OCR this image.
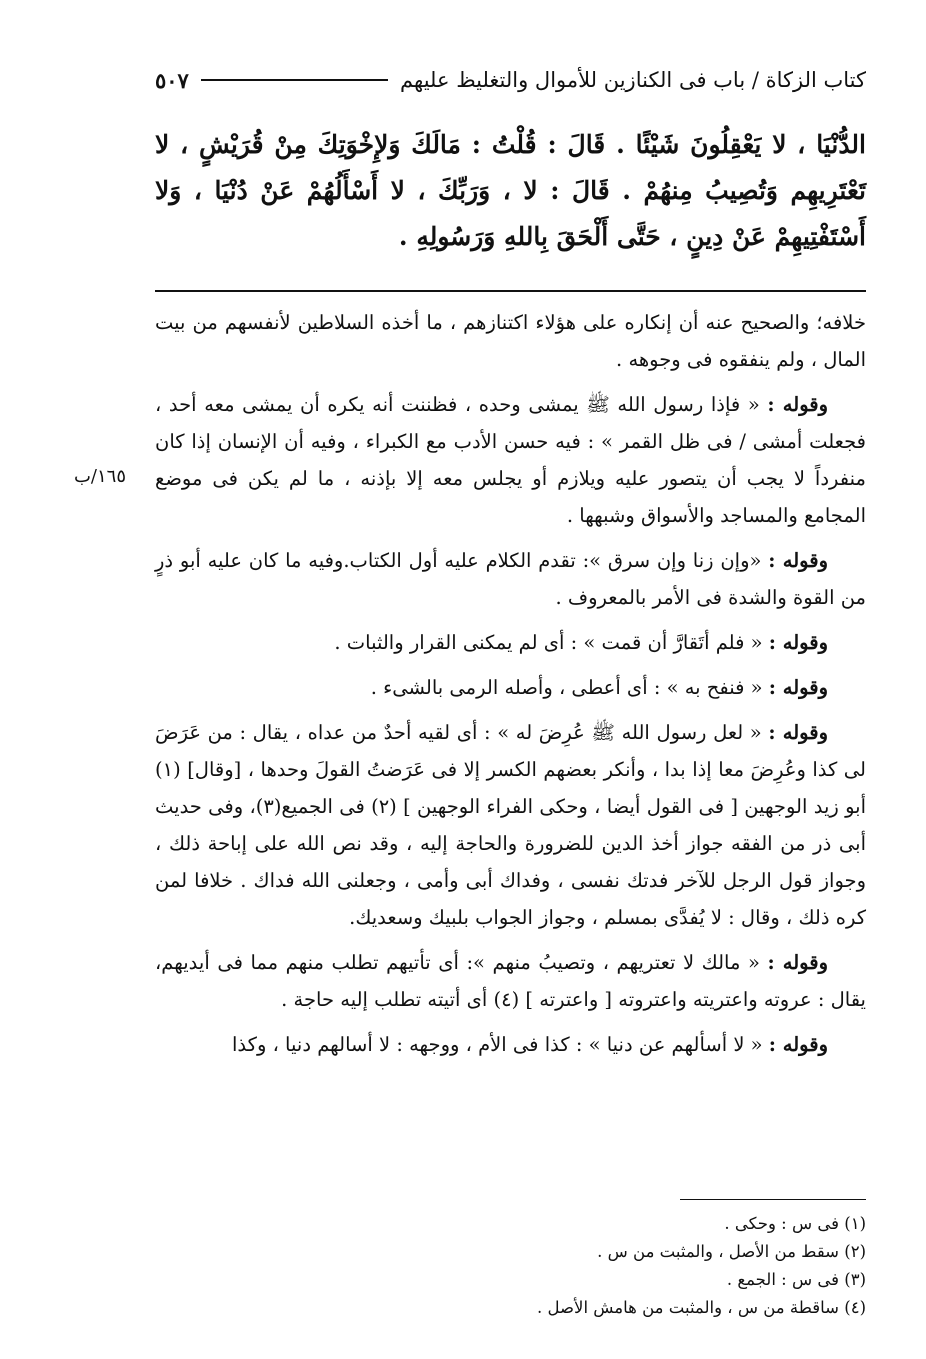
كتاب الزكاة / باب فى الكنازين للأموال والتغليظ عليهم
٥٠٧
الدُّنْيَا ، لا يَعْقِلُونَ شَيْئًا . قَالَ : قُلْتُ : مَالَكَ وَلإِخْوَتِكَ مِنْ قُرَيْشٍ ، لا تَعْتَرِيهِم وَتُصِيبُ مِنهُمْ . قَالَ : لا ، وَرَبِّكَ ، لا أَسْأَلُهُمْ عَنْ دُنْيَا ، وَلا أَسْتَفْتِيهِمْ عَنْ دِينٍ ، حَتَّى أَلْحَقَ بِاللهِ وَرَسُولِهِ .
١٦٥/ب

خلافه؛ والصحيح عنه أن إنكاره على هؤلاء اكتنازهم ، ما أخذه السلاطين لأنفسهم من بيت المال ، ولم ينفقوه فى وجوهه .

وقوله : « فإذا رسول الله ﷺ يمشى وحده ، فظننت أنه يكره أن يمشى معه أحد ، فجعلت أمشى / فى ظل القمر » : فيه حسن الأدب مع الكبراء ، وفيه أن الإنسان إذا كان منفرداً لا يجب أن يتصور عليه ويلازم أو يجلس معه إلا بإذنه ، ما لم يكن فى موضع المجامع والمساجد والأسواق وشبهها .

وقوله : «وإن زنا وإن سرق »: تقدم الكلام عليه أول الكتاب.وفيه ما كان عليه أبو ذرٍ من القوة والشدة فى الأمر بالمعروف .

وقوله : « فلم أتَقارَّ أن قمت » : أى لم يمكنى القرار والثبات .

وقوله : « فنفح به » : أى أعطى ، وأصله الرمى بالشىء .

وقوله : « لعل رسول الله ﷺ عُرِضَ له » : أى لقيه أحدٌ من عداه ، يقال : من عَرَضَ لى كذا وعُرِضَ معا إذا بدا ، وأنكر بعضهم الكسر إلا فى عَرَضتُ القولَ وحدها ، [وقال] (١) أبو زيد الوجهين [ فى القول أيضا ، وحكى الفراء الوجهين ] (٢) فى الجميع(٣)، وفى حديث أبى ذر من الفقه جواز أخذ الدين للضرورة والحاجة إليه ، وقد نص الله على إباحة ذلك ، وجواز قول الرجل للآخر فدتك نفسى ، وفداك أبى وأمى ، وجعلنى الله فداك . خلافا لمن كره ذلك ، وقال : لا يُفدَّى بمسلم ، وجواز الجواب بلبيك وسعديك.

وقوله : « مالك لا تعتريهم ، وتصيبُ منهم »: أى تأتيهم تطلب منهم مما فى أيديهم، يقال : عروته واعتريته واعتروته [ واعترته ] (٤) أى أتيته تطلب إليه حاجة .

وقوله : « لا أسألهم عن دنيا » : كذا فى الأم ، ووجهه : لا أسالهم دنيا ، وكذا

(١) فى س : وحكى .
(٢) سقط من الأصل ، والمثبت من س .
(٣) فى س : الجمع .
(٤) ساقطة من س ، والمثبت من هامش الأصل .
